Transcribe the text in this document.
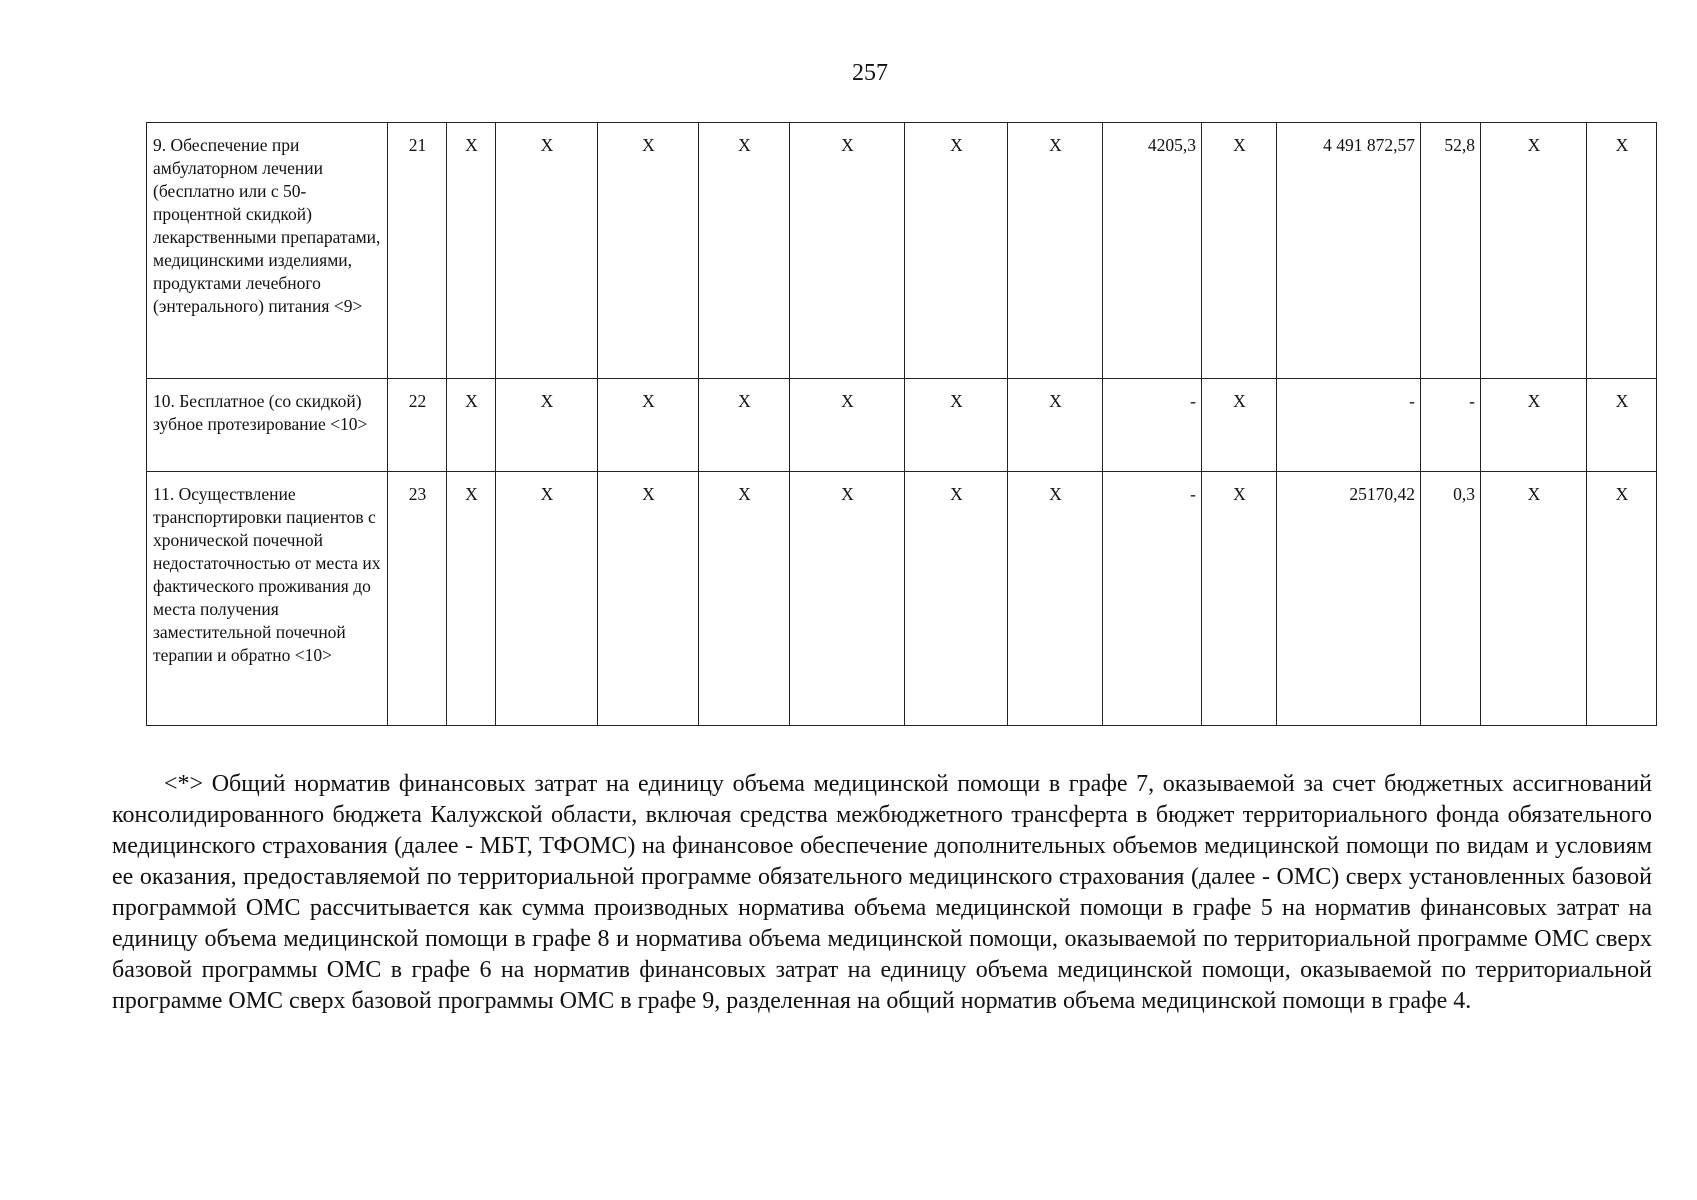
257
9. Обеспечение при амбулаторном лечении (бесплатно или с 50-процентной скидкой) лекарственными препаратами, медицинскими изделиями, продуктами лечебного (энтерального) питания <9>	21	Х	Х	Х	Х	Х	Х	Х	4205,3	Х	4 491 872,57	52,8	Х	Х
10. Бесплатное (со скидкой) зубное протезирование <10>	22	Х	Х	Х	Х	Х	Х	Х	-	Х	-	-	Х	Х
11. Осуществление транспортировки пациентов с хронической почечной недостаточностью от места их фактического проживания до места получения заместительной почечной терапии и обратно <10>	23	Х	Х	Х	Х	Х	Х	Х	-	Х	25170,42	0,3	Х	Х

<*> Общий норматив финансовых затрат на единицу объема медицинской помощи в графе 7, оказываемой за счет бюджетных ассигнований консолидированного бюджета Калужской области, включая средства межбюджетного трансферта в бюджет территориального фонда обязательного медицинского страхования (далее - МБТ, ТФОМС) на финансовое обеспечение дополнительных объемов медицинской помощи по видам и условиям ее оказания, предоставляемой по территориальной программе обязательного медицинского страхования (далее - ОМС) сверх установленных базовой программой ОМС рассчитывается как сумма производных норматива объема медицинской помощи в графе 5 на норматив финансовых затрат на единицу объема медицинской помощи в графе 8 и норматива объема медицинской помощи, оказываемой по территориальной программе ОМС сверх базовой программы ОМС в графе 6 на норматив финансовых затрат на единицу объема медицинской помощи, оказываемой по территориальной программе ОМС сверх базовой программы ОМС в графе 9, разделенная на общий норматив объема медицинской помощи в графе 4.
